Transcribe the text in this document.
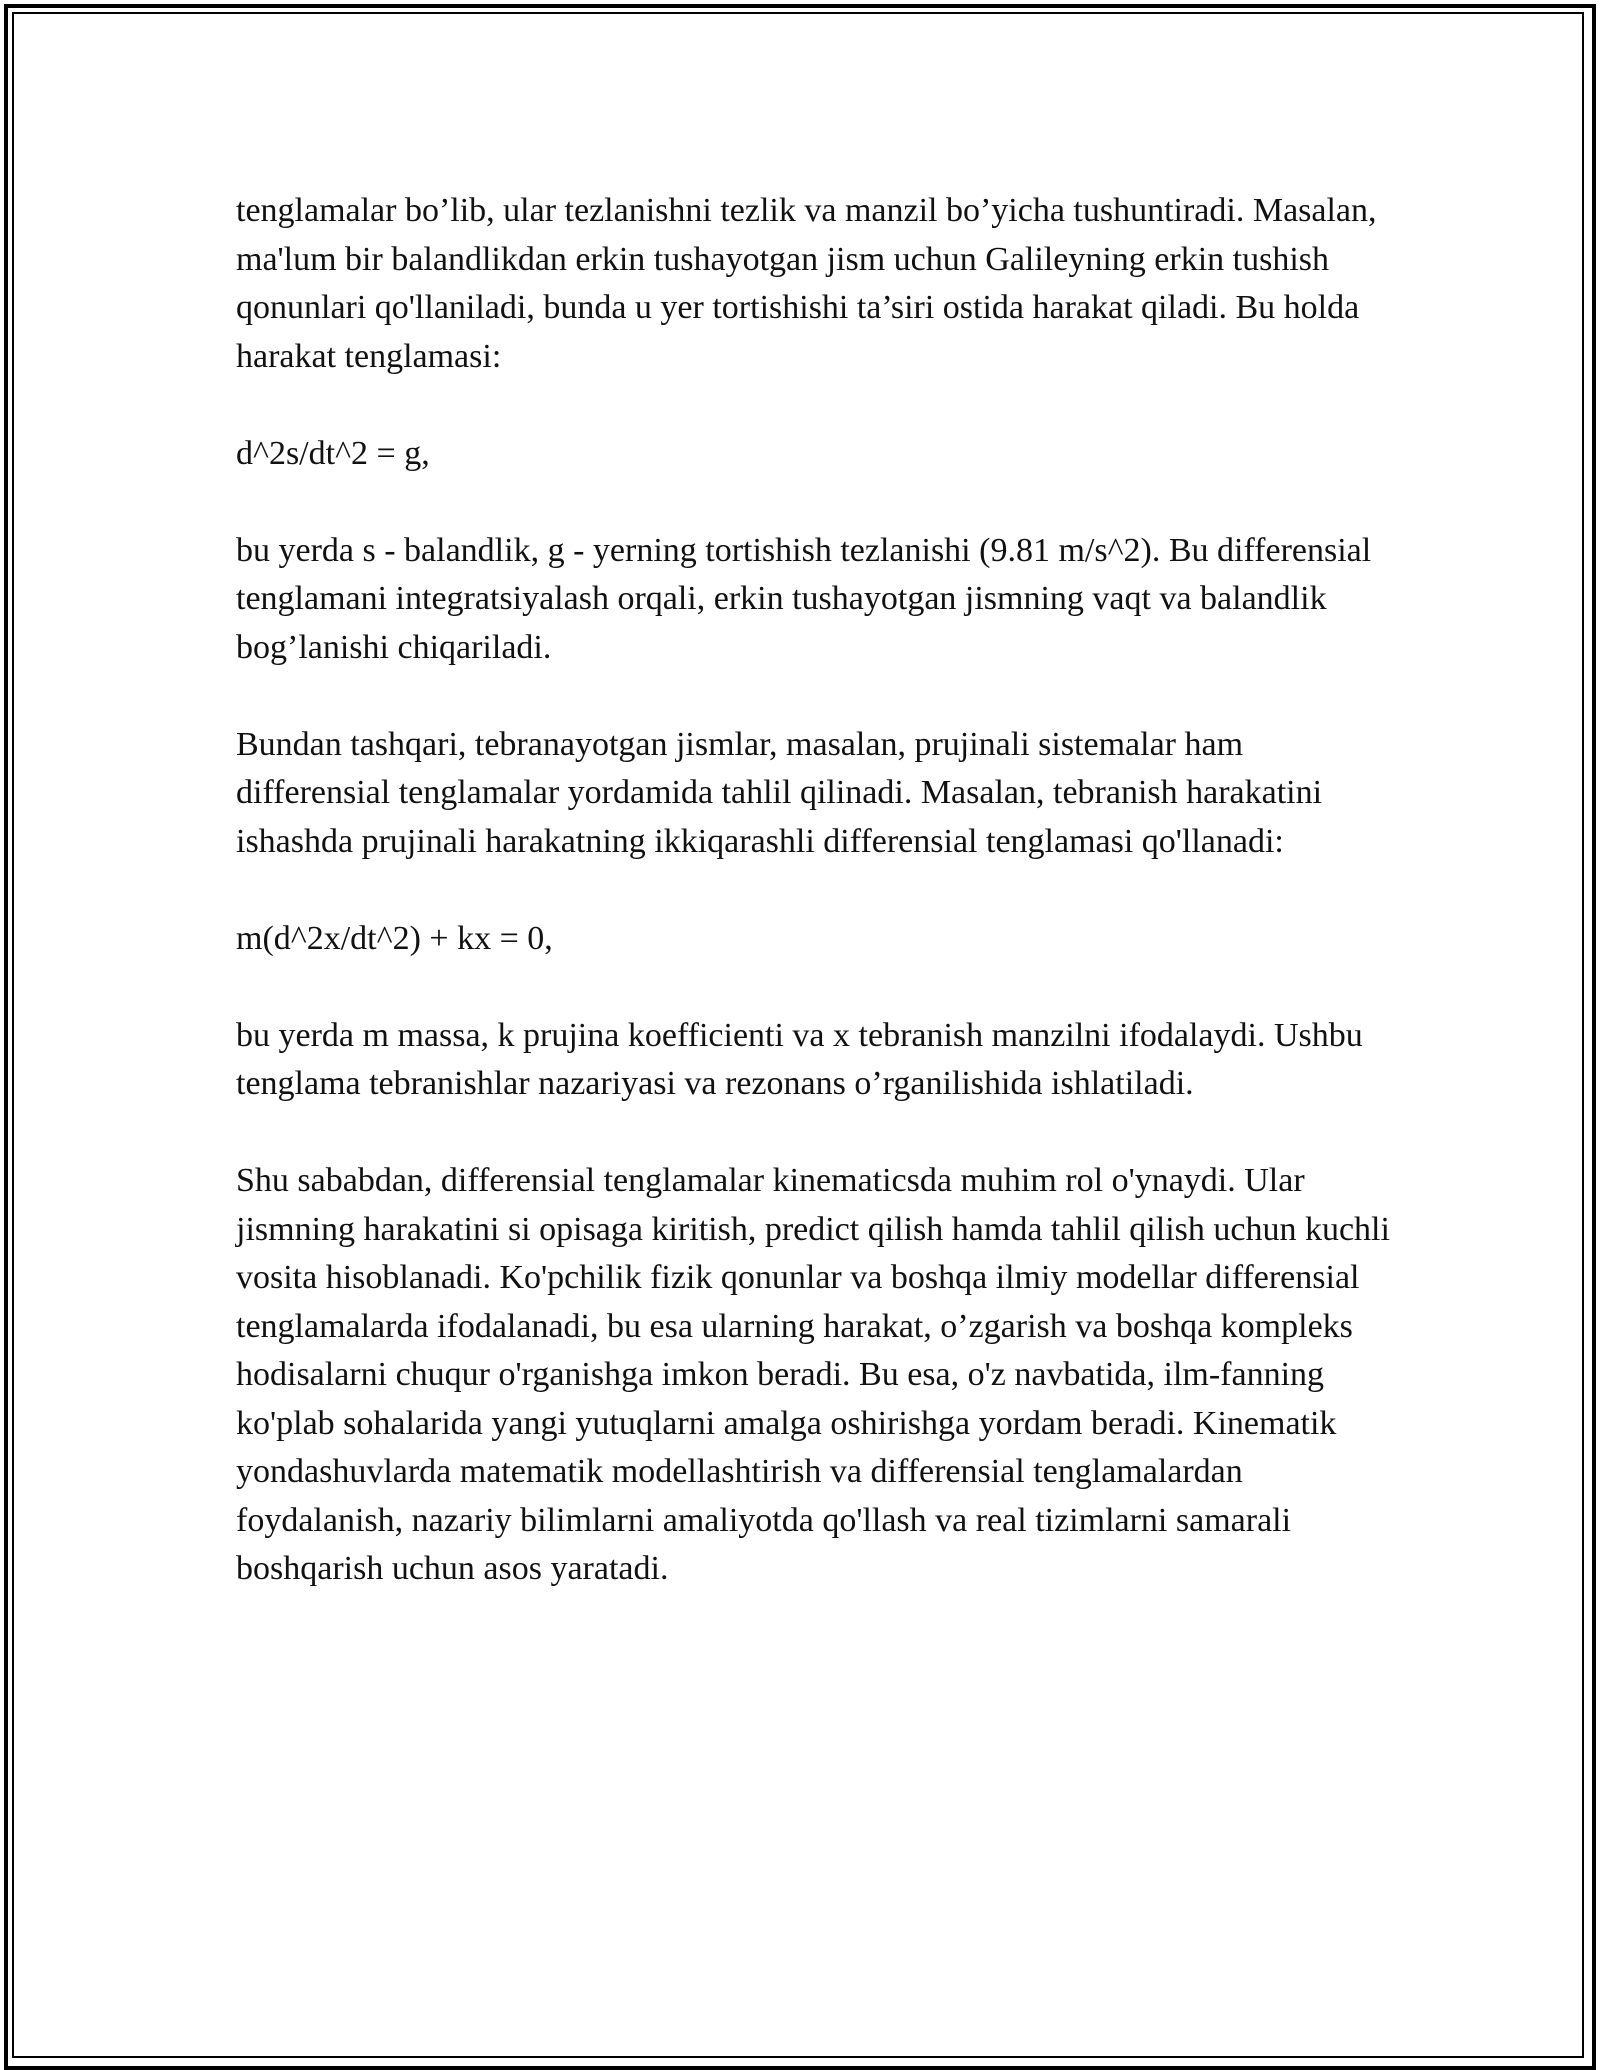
tenglamalar bo’lib, ular tezlanishni tezlik va manzil bo’yicha tushuntiradi. Masalan, ma'lum bir balandlikdan erkin tushayotgan jism uchun Galileyning erkin tushish qonunlari qo'llaniladi, bunda u yer tortishishi ta’siri ostida harakat qiladi. Bu holda harakat tenglamasi:

d^2s/dt^2 = g,

bu yerda s - balandlik, g - yerning tortishish tezlanishi (9.81 m/s^2). Bu differensial tenglamani integratsiyalash orqali, erkin tushayotgan jismning vaqt va balandlik bog’lanishi chiqariladi.

Bundan tashqari, tebranayotgan jismlar, masalan, prujinali sistemalar ham differensial tenglamalar yordamida tahlil qilinadi. Masalan, tebranish harakatini ishashda prujinali harakatning ikkiqarashli differensial tenglamasi qo'llanadi:

m(d^2x/dt^2) + kx = 0,

bu yerda m massa, k prujina koefficienti va x tebranish manzilni ifodalaydi. Ushbu tenglama tebranishlar nazariyasi va rezonans o’rganilishida ishlatiladi.

Shu sababdan, differensial tenglamalar kinematicsda muhim rol o'ynaydi. Ular jismning harakatini si opisaga kiritish, predict qilish hamda tahlil qilish uchun kuchli vosita hisoblanadi. Ko'pchilik fizik qonunlar va boshqa ilmiy modellar differensial tenglamalarda ifodalanadi, bu esa ularning harakat, o’zgarish va boshqa kompleks hodisalarni chuqur o'rganishga imkon beradi. Bu esa, o'z navbatida, ilm-fanning ko'plab sohalarida yangi yutuqlarni amalga oshirishga yordam beradi. Kinematik yondashuvlarda matematik modellashtirish va differensial tenglamalardan foydalanish, nazariy bilimlarni amaliyotda qo'llash va real tizimlarni samarali boshqarish uchun asos yaratadi.
